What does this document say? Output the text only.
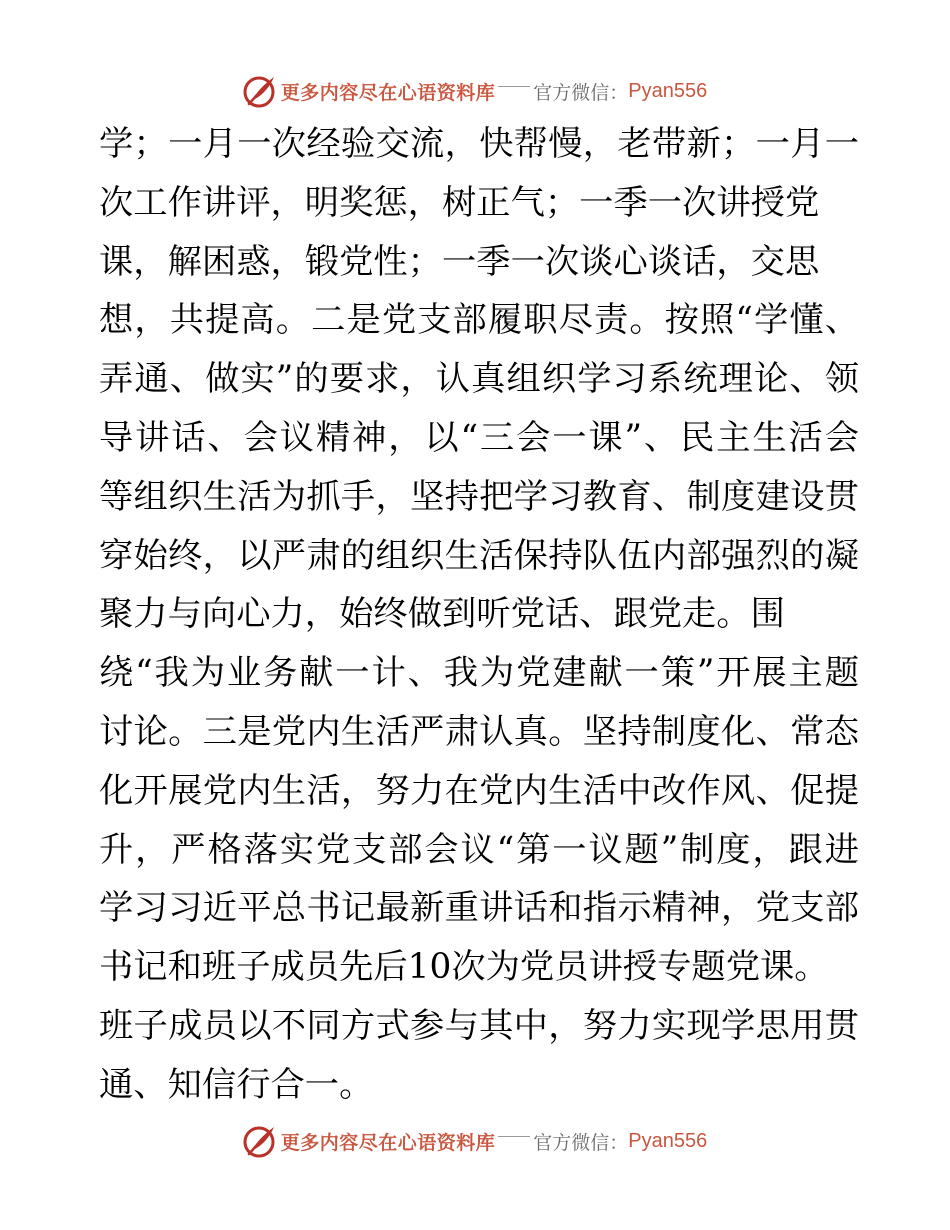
更多内容尽在心语资料库 官方微信： Pyan556
学；一月一次经验交流，快帮慢，老带新；一月一
次工作讲评，明奖惩，树正气；一季一次讲授党
课，解困惑，锻党性；一季一次谈心谈话，交思
想，共提高。二是党支部履职尽责。按照“学懂、
弄通、做实”的要求，认真组织学习系统理论、领
导讲话、会议精神，以“三会一课”、民主生活会
等组织生活为抓手，坚持把学习教育、制度建设贯
穿始终，以严肃的组织生活保持队伍内部强烈的凝
聚力与向心力，始终做到听党话、跟党走。围
绕“我为业务献一计、我为党建献一策”开展主题
讨论。三是党内生活严肃认真。坚持制度化、常态
化开展党内生活，努力在党内生活中改作风、促提
升，严格落实党支部会议“第一议题”制度，跟进
学习习近平总书记最新重讲话和指示精神，党支部
书记和班子成员先后10次为党员讲授专题党课。
班子成员以不同方式参与其中，努力实现学思用贯
通、知信行合一。
更多内容尽在心语资料库 官方微信： Pyan556
